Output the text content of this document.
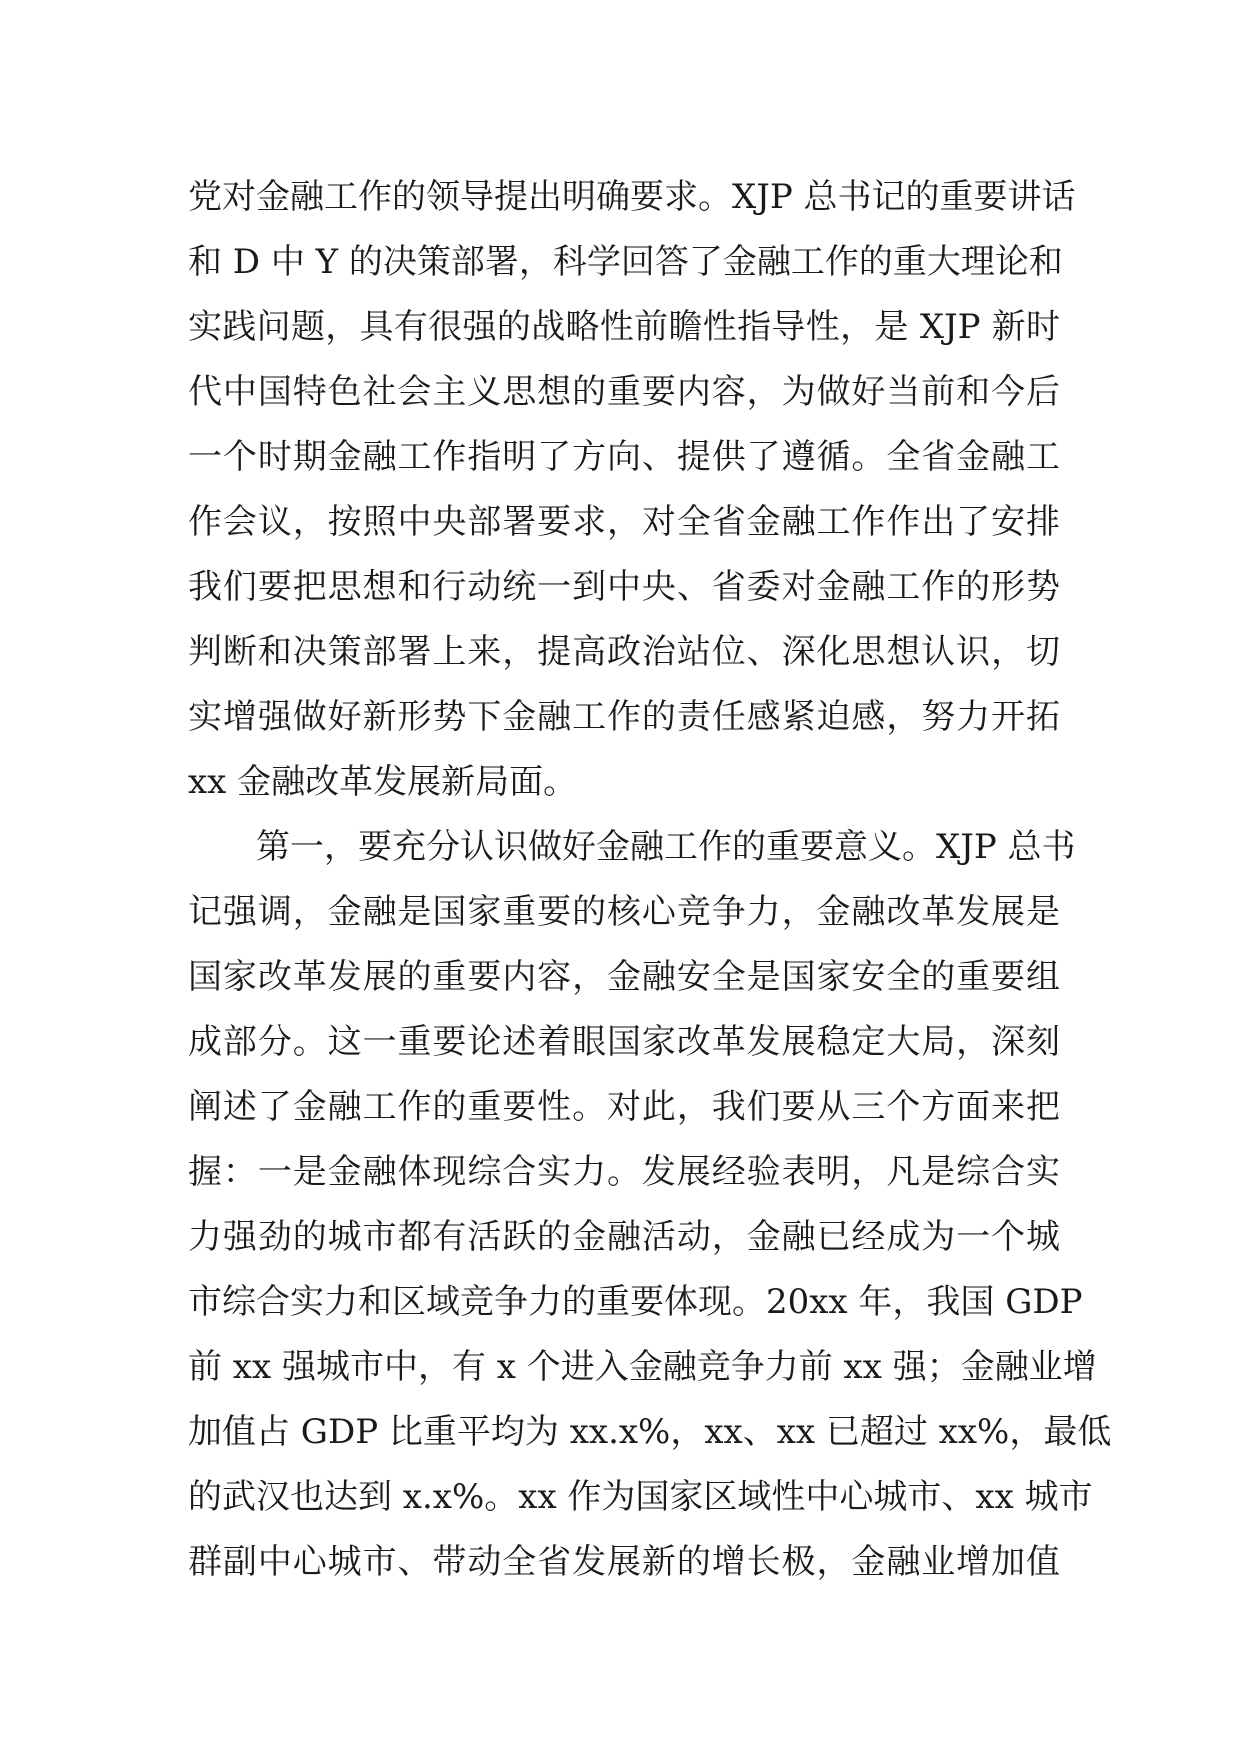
党对金融工作的领导提出明确要求。XJP 总书记的重要讲话
和 D 中 Y 的决策部署，科学回答了金融工作的重大理论和
实践问题，具有很强的战略性前瞻性指导性，是 XJP 新时
代中国特色社会主义思想的重要内容，为做好当前和今后
一个时期金融工作指明了方向、提供了遵循。全省金融工
作会议，按照中央部署要求，对全省金融工作作出了安排
我们要把思想和行动统一到中央、省委对金融工作的形势
判断和决策部署上来，提高政治站位、深化思想认识，切
实增强做好新形势下金融工作的责任感紧迫感，努力开拓
xx 金融改革发展新局面。
第一，要充分认识做好金融工作的重要意义。XJP 总书
记强调，金融是国家重要的核心竞争力，金融改革发展是
国家改革发展的重要内容，金融安全是国家安全的重要组
成部分。这一重要论述着眼国家改革发展稳定大局，深刻
阐述了金融工作的重要性。对此，我们要从三个方面来把
握：一是金融体现综合实力。发展经验表明，凡是综合实
力强劲的城市都有活跃的金融活动，金融已经成为一个城
市综合实力和区域竞争力的重要体现。20xx 年，我国 GDP
前 xx 强城市中，有 x 个进入金融竞争力前 xx 强；金融业增
加值占 GDP 比重平均为 xx.x%，xx、xx 已超过 xx%，最低
的武汉也达到 x.x%。xx 作为国家区域性中心城市、xx 城市
群副中心城市、带动全省发展新的增长极，金融业增加值
